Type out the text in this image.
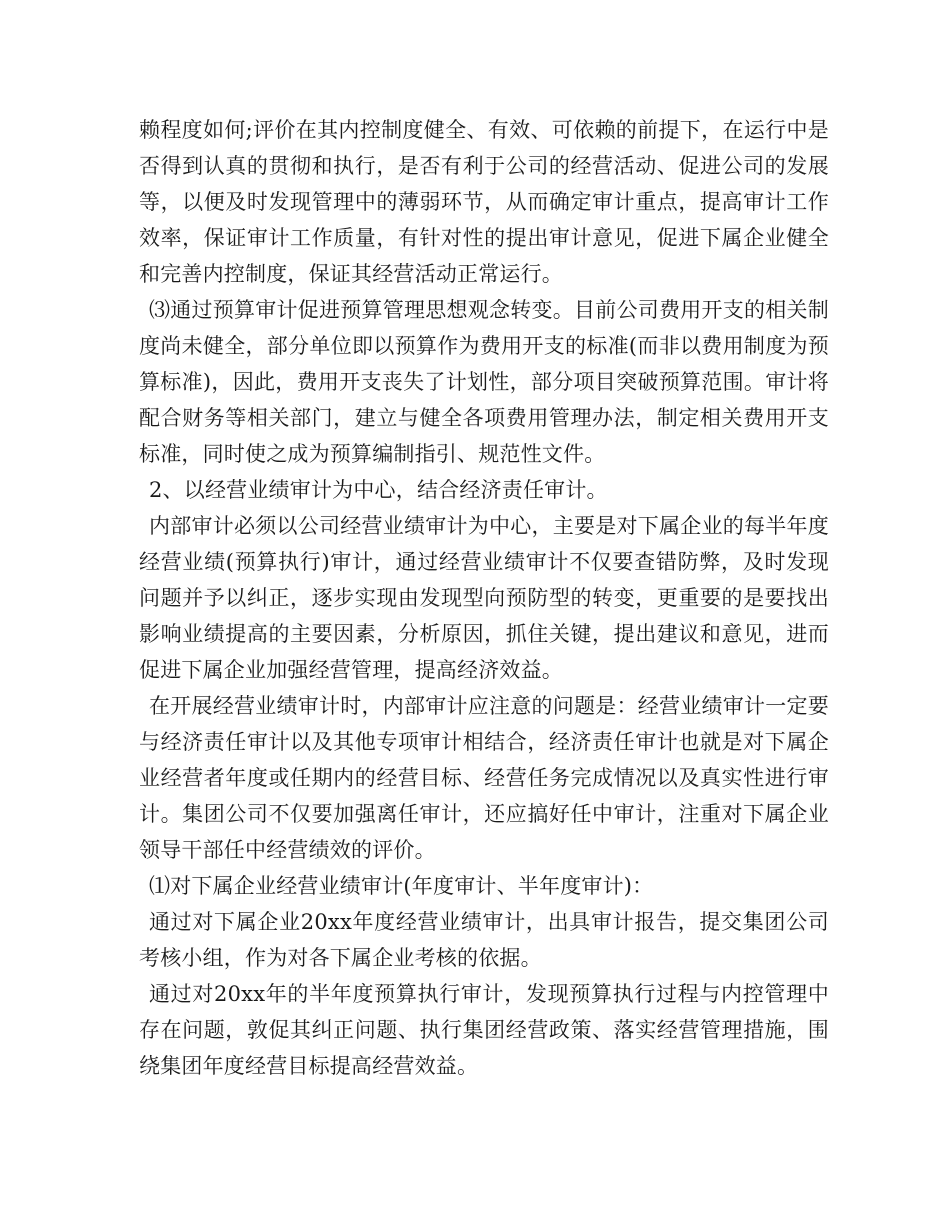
赖程度如何;评价在其内控制度健全、有效、可依赖的前提下，在运行中是否得到认真的贯彻和执行，是否有利于公司的经营活动、促进公司的发展等，以便及时发现管理中的薄弱环节，从而确定审计重点，提高审计工作效率，保证审计工作质量，有针对性的提出审计意见，促进下属企业健全和完善内控制度，保证其经营活动正常运行。

⑶通过预算审计促进预算管理思想观念转变。目前公司费用开支的相关制度尚未健全，部分单位即以预算作为费用开支的标准(而非以费用制度为预算标准)，因此，费用开支丧失了计划性，部分项目突破预算范围。审计将配合财务等相关部门，建立与健全各项费用管理办法，制定相关费用开支标准，同时使之成为预算编制指引、规范性文件。

2、以经营业绩审计为中心，结合经济责任审计。

内部审计必须以公司经营业绩审计为中心，主要是对下属企业的每半年度经营业绩(预算执行)审计，通过经营业绩审计不仅要查错防弊，及时发现问题并予以纠正，逐步实现由发现型向预防型的转变，更重要的是要找出影响业绩提高的主要因素，分析原因，抓住关键，提出建议和意见，进而促进下属企业加强经营管理，提高经济效益。

在开展经营业绩审计时，内部审计应注意的问题是：经营业绩审计一定要与经济责任审计以及其他专项审计相结合，经济责任审计也就是对下属企业经营者年度或任期内的经营目标、经营任务完成情况以及真实性进行审计。集团公司不仅要加强离任审计，还应搞好任中审计，注重对下属企业领导干部任中经营绩效的评价。

⑴对下属企业经营业绩审计(年度审计、半年度审计)：

通过对下属企业20xx年度经营业绩审计，出具审计报告，提交集团公司考核小组，作为对各下属企业考核的依据。

通过对20xx年的半年度预算执行审计，发现预算执行过程与内控管理中存在问题，敦促其纠正问题、执行集团经营政策、落实经营管理措施，围绕集团年度经营目标提高经营效益。
